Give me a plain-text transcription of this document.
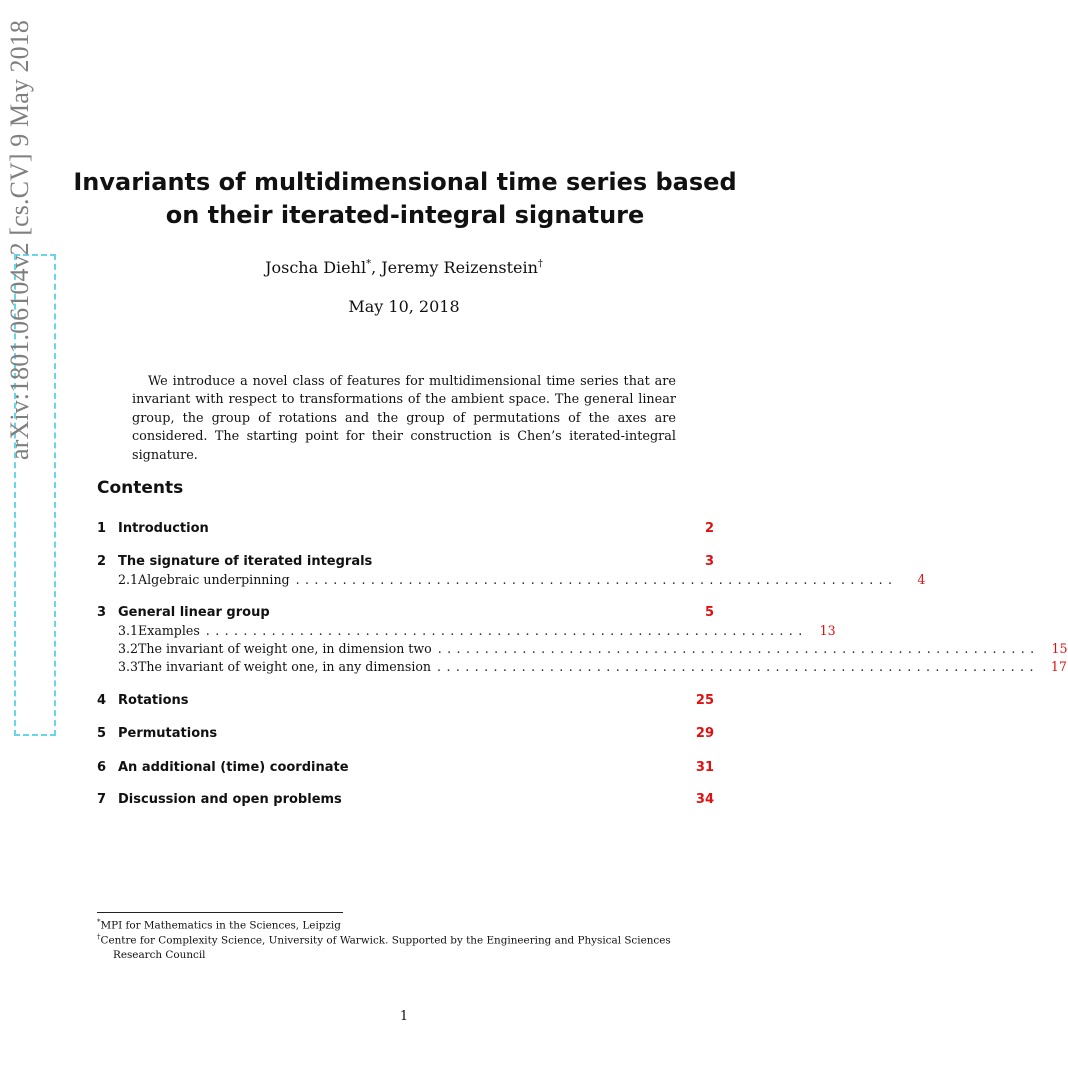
arXiv:1801.06104v2 [cs.CV] 9 May 2018	Invariants of multidimensional time series based
on their iterated-integral signature
Joscha Diehl*, Jeremy Reizenstein†
May 10, 2018

We introduce a novel class of features for multidimensional time series that are invariant with respect to transformations of the ambient space. The general linear group, the group of rotations and the group of permutations of the axes are considered. The starting point for their construction is Chen’s iterated-integral signature.

Contents
1 Introduction	2
2 The signature of iterated integrals	3
2.1 Algebraic underpinning ................................................................	4
3 General linear group	5
3.1 Examples ................................................................ 13
3.2 The invariant of weight one, in dimension two ................................................................ 15
3.3 The invariant of weight one, in any dimension ................................................................ 17
4 Rotations	25
5 Permutations	29
6 An additional (time) coordinate	31
7 Discussion and open problems	34
*MPI for Mathematics in the Sciences, Leipzig
†Centre for Complexity Science, University of Warwick. Supported by the Engineering and Physical Sciences
Research Council
1
